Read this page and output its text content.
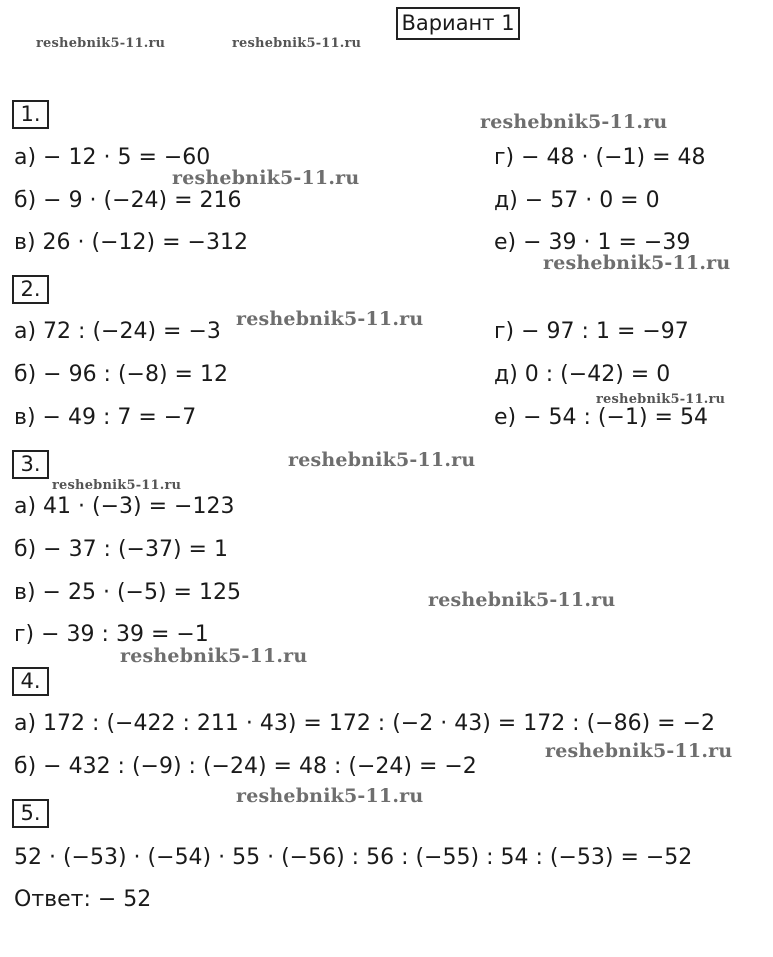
Вариант 1
reshebnik5-11.ru	reshebnik5-11.ru
reshebnik5-11.ru
reshebnik5-11.ru
reshebnik5-11.ru
reshebnik5-11.ru
reshebnik5-11.ru
reshebnik5-11.ru
reshebnik5-11.ru
reshebnik5-11.ru
reshebnik5-11.ru
reshebnik5-11.ru
reshebnik5-11.ru
1.
а) − 12 · 5 = −60
б) − 9 · (−24) = 216
в) 26 · (−12) = −312
г) − 48 · (−1) = 48
д) − 57 · 0 = 0
е) − 39 · 1 = −39
2.
а) 72 : (−24) = −3
б) − 96 : (−8) = 12
в) − 49 : 7 = −7
г) − 97 : 1 = −97
д) 0 : (−42) = 0
е) − 54 : (−1) = 54
3.
а) 41 · (−3) = −123
б) − 37 : (−37) = 1
в) − 25 · (−5) = 125
г) − 39 : 39 = −1
4.
а) 172 : (−422 : 211 · 43) = 172 : (−2 · 43) = 172 : (−86) = −2
б) − 432 : (−9) : (−24) = 48 : (−24) = −2
5.
52 · (−53) · (−54) · 55 · (−56) : 56 : (−55) : 54 : (−53) = −52
Ответ: − 52
